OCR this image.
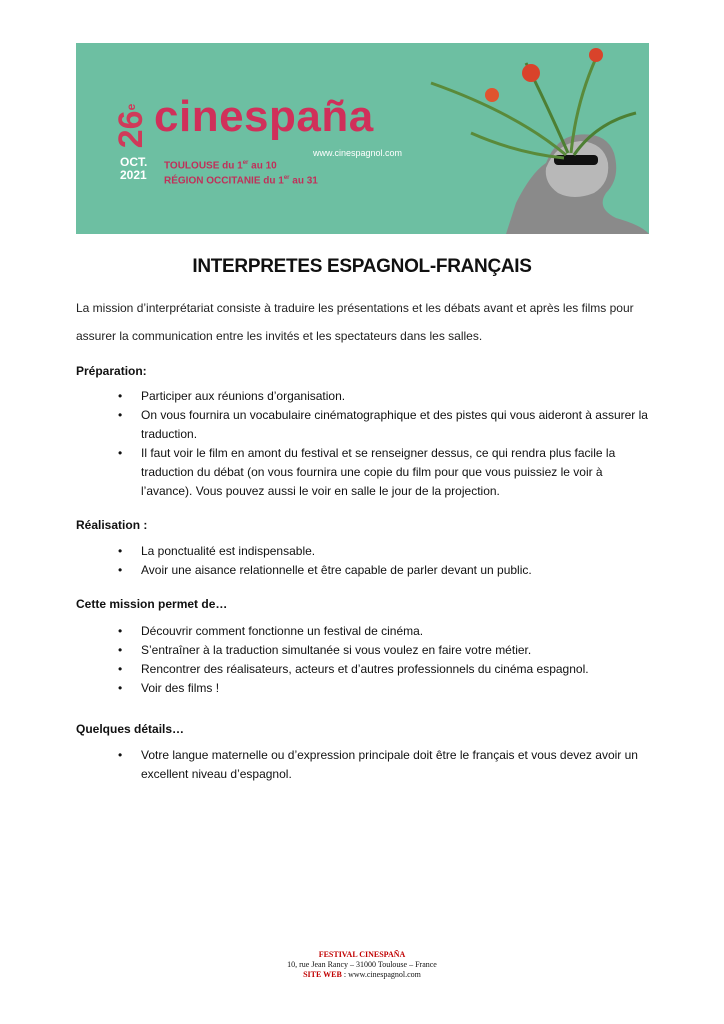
26
e cinespaña
www.cinespagnol.com
OCT.
2021
TOULOUSE du 1er au 10
RÉGION OCCITANIE du 1er au 31
INTERPRETES ESPAGNOL-FRANÇAIS

La mission d’interprétariat consiste à traduire les présentations et les débats avant et après les films pour assurer la communication entre les invités et les spectateurs dans les salles.

Préparation:
• Participer aux réunions d’organisation.
• On vous fournira un vocabulaire cinématographique et des pistes qui vous aideront à assurer la traduction.
• Il faut voir le film en amont du festival et se renseigner dessus, ce qui rendra plus facile la traduction du débat (on vous fournira une copie du film pour que vous puissiez le voir à l’avance). Vous pouvez aussi le voir en salle le jour de la projection.
Réalisation :
• La ponctualité est indispensable.
• Avoir une aisance relationnelle et être capable de parler devant un public.
Cette mission permet de…
• Découvrir comment fonctionne un festival de cinéma.
• S’entraîner à la traduction simultanée si vous voulez en faire votre métier.
• Rencontrer des réalisateurs, acteurs et d’autres professionnels du cinéma espagnol.
• Voir des films !
Quelques détails…
• Votre langue maternelle ou d’expression principale doit être le français et vous devez avoir un excellent niveau d’espagnol.
FESTIVAL CINESPAÑA
10, rue Jean Rancy – 31000 Toulouse – France
SITE WEB : www.cinespagnol.com
